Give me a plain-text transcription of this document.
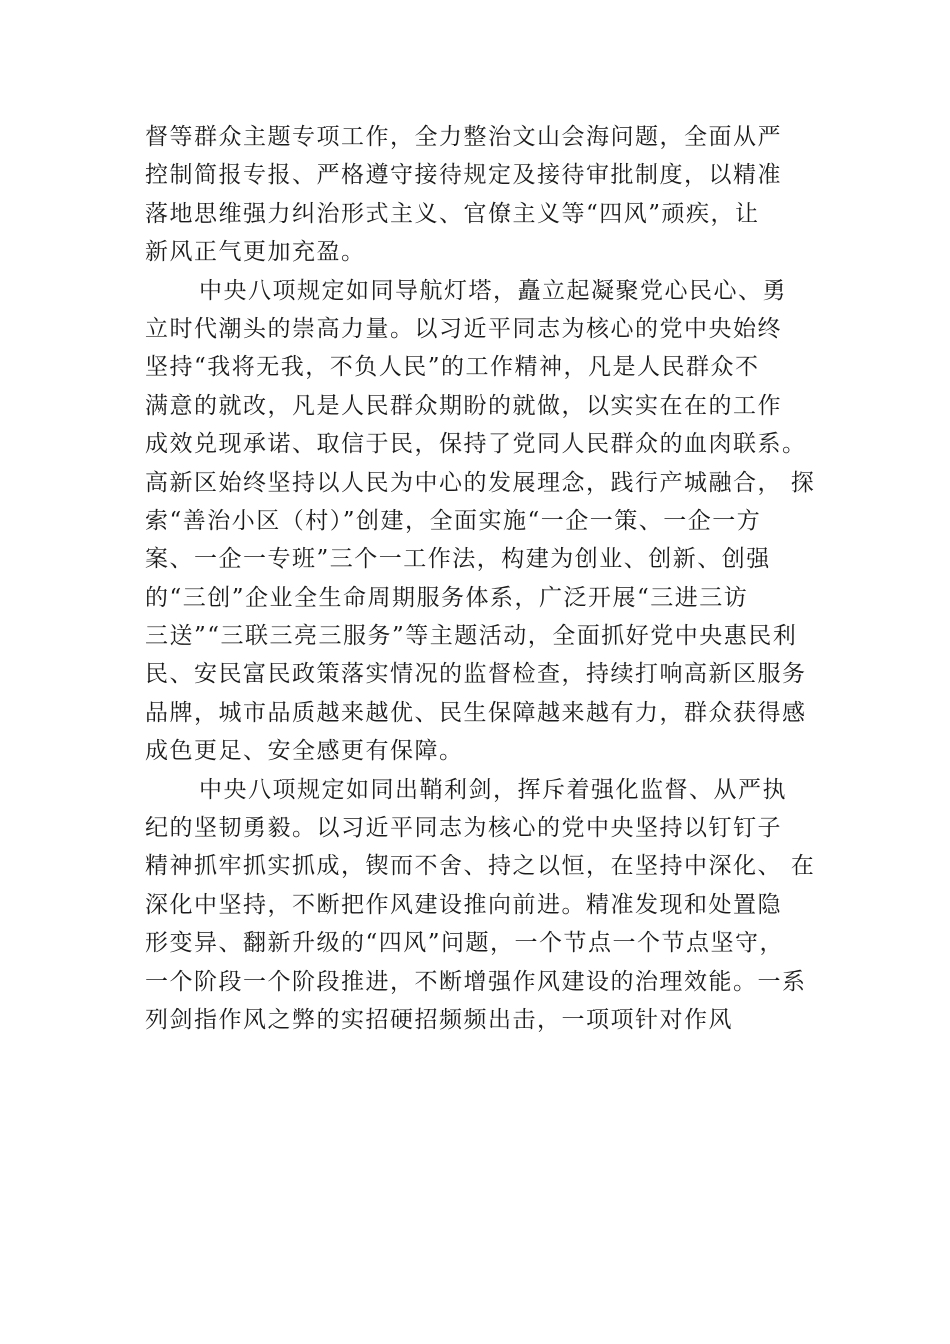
督等群众主题专项工作，全力整治文山会海问题，全面从严
控制简报专报、严格遵守接待规定及接待审批制度，以精准
落地思维强力纠治形式主义、官僚主义等“四风”顽疾，让
新风正气更加充盈。
中央八项规定如同导航灯塔，矗立起凝聚党心民心、勇
立时代潮头的崇高力量。以习近平同志为核心的党中央始终
坚持“我将无我，不负人民”的工作精神，凡是人民群众不
满意的就改，凡是人民群众期盼的就做，以实实在在的工作
成效兑现承诺、取信于民，保持了党同人民群众的血肉联系。
高新区始终坚持以人民为中心的发展理念，践行产城融合， 探
索“善治小区（村）”创建，全面实施“一企一策、一企一方
案、一企一专班”三个一工作法，构建为创业、创新、创强
的“三创”企业全生命周期服务体系，广泛开展“三进三访
三送”“三联三亮三服务”等主题活动，全面抓好党中央惠民利
民、安民富民政策落实情况的监督检查，持续打响高新区服务
品牌，城市品质越来越优、民生保障越来越有力，群众获得感
成色更足、安全感更有保障。
中央八项规定如同出鞘利剑，挥斥着强化监督、从严执
纪的坚韧勇毅。以习近平同志为核心的党中央坚持以钉钉子
精神抓牢抓实抓成，锲而不舍、持之以恒，在坚持中深化、 在
深化中坚持，不断把作风建设推向前进。精准发现和处置隐
形变异、翻新升级的“四风”问题，一个节点一个节点坚守，
一个阶段一个阶段推进，不断增强作风建设的治理效能。一系
列剑指作风之弊的实招硬招频频出击，一项项针对作风
